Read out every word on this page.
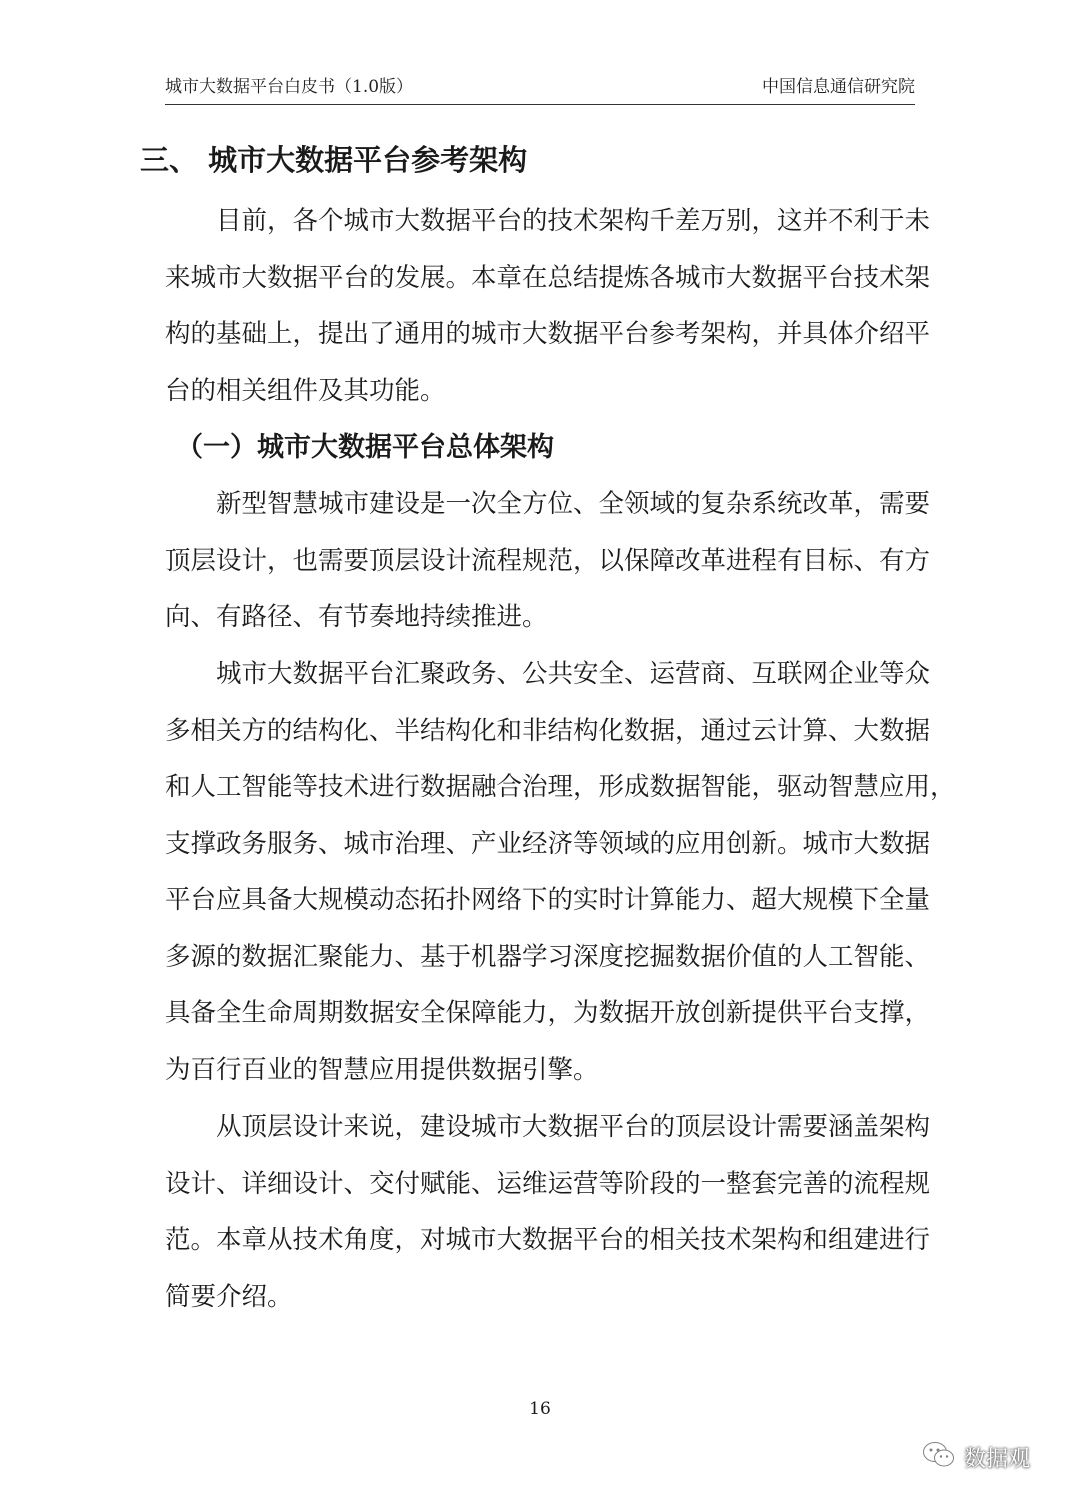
城市大数据平台白皮书（1.0版）	中国信息通信研究院
三、 城市大数据平台参考架构
目前，各个城市大数据平台的技术架构千差万别，这并不利于未
来城市大数据平台的发展。本章在总结提炼各城市大数据平台技术架
构的基础上，提出了通用的城市大数据平台参考架构，并具体介绍平
台的相关组件及其功能。
（一）城市大数据平台总体架构
新型智慧城市建设是一次全方位、全领域的复杂系统改革，需要
顶层设计，也需要顶层设计流程规范，以保障改革进程有目标、有方
向、有路径、有节奏地持续推进。
城市大数据平台汇聚政务、公共安全、运营商、互联网企业等众
多相关方的结构化、半结构化和非结构化数据，通过云计算、大数据
和人工智能等技术进行数据融合治理，形成数据智能，驱动智慧应用，
支撑政务服务、城市治理、产业经济等领域的应用创新。城市大数据
平台应具备大规模动态拓扑网络下的实时计算能力、超大规模下全量
多源的数据汇聚能力、基于机器学习深度挖掘数据价值的人工智能、
具备全生命周期数据安全保障能力，为数据开放创新提供平台支撑，
为百行百业的智慧应用提供数据引擎。
从顶层设计来说，建设城市大数据平台的顶层设计需要涵盖架构
设计、详细设计、交付赋能、运维运营等阶段的一整套完善的流程规
范。本章从技术角度，对城市大数据平台的相关技术架构和组建进行
简要介绍。
16
数据观
